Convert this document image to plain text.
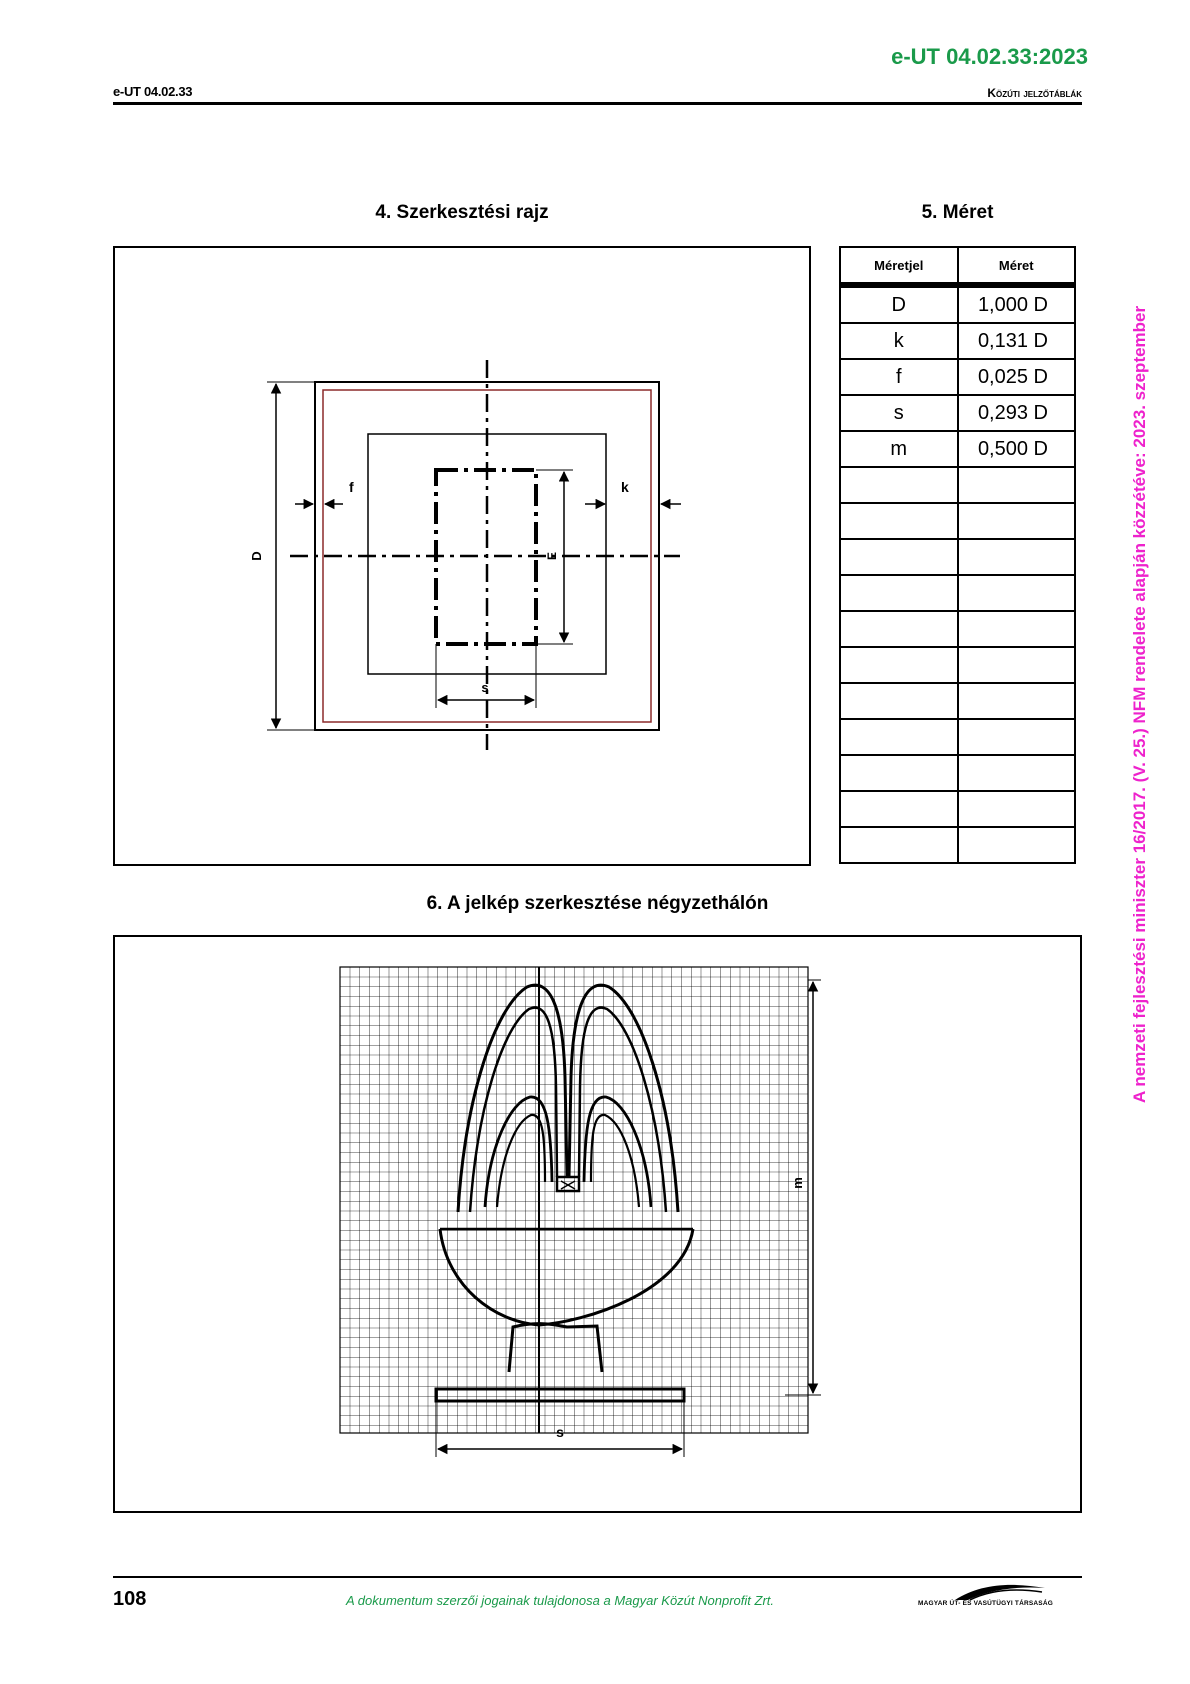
e-UT 04.02.33:2023
e-UT 04.02.33	Közúti jelzőtáblák
4. Szerkesztési rajz	5. Méret
D
f	k
E
s
Méretjel	Méret
D	1,000 D
k	0,131 D
f	0,025 D
s	0,293 D
m	0,500 D

6. A jelkép szerkesztése négyzethálón
m
s
A nemzeti fejlesztési miniszter 16/2017. (V. 25.) NFM rendelete alapján közzétéve: 2023. szeptember
108	A dokumentum szerzői jogainak tulajdonosa a Magyar Közút Nonprofit Zrt.	MAGYAR ÚT- ÉS VASÚTÜGYI TÁRSASÁG
